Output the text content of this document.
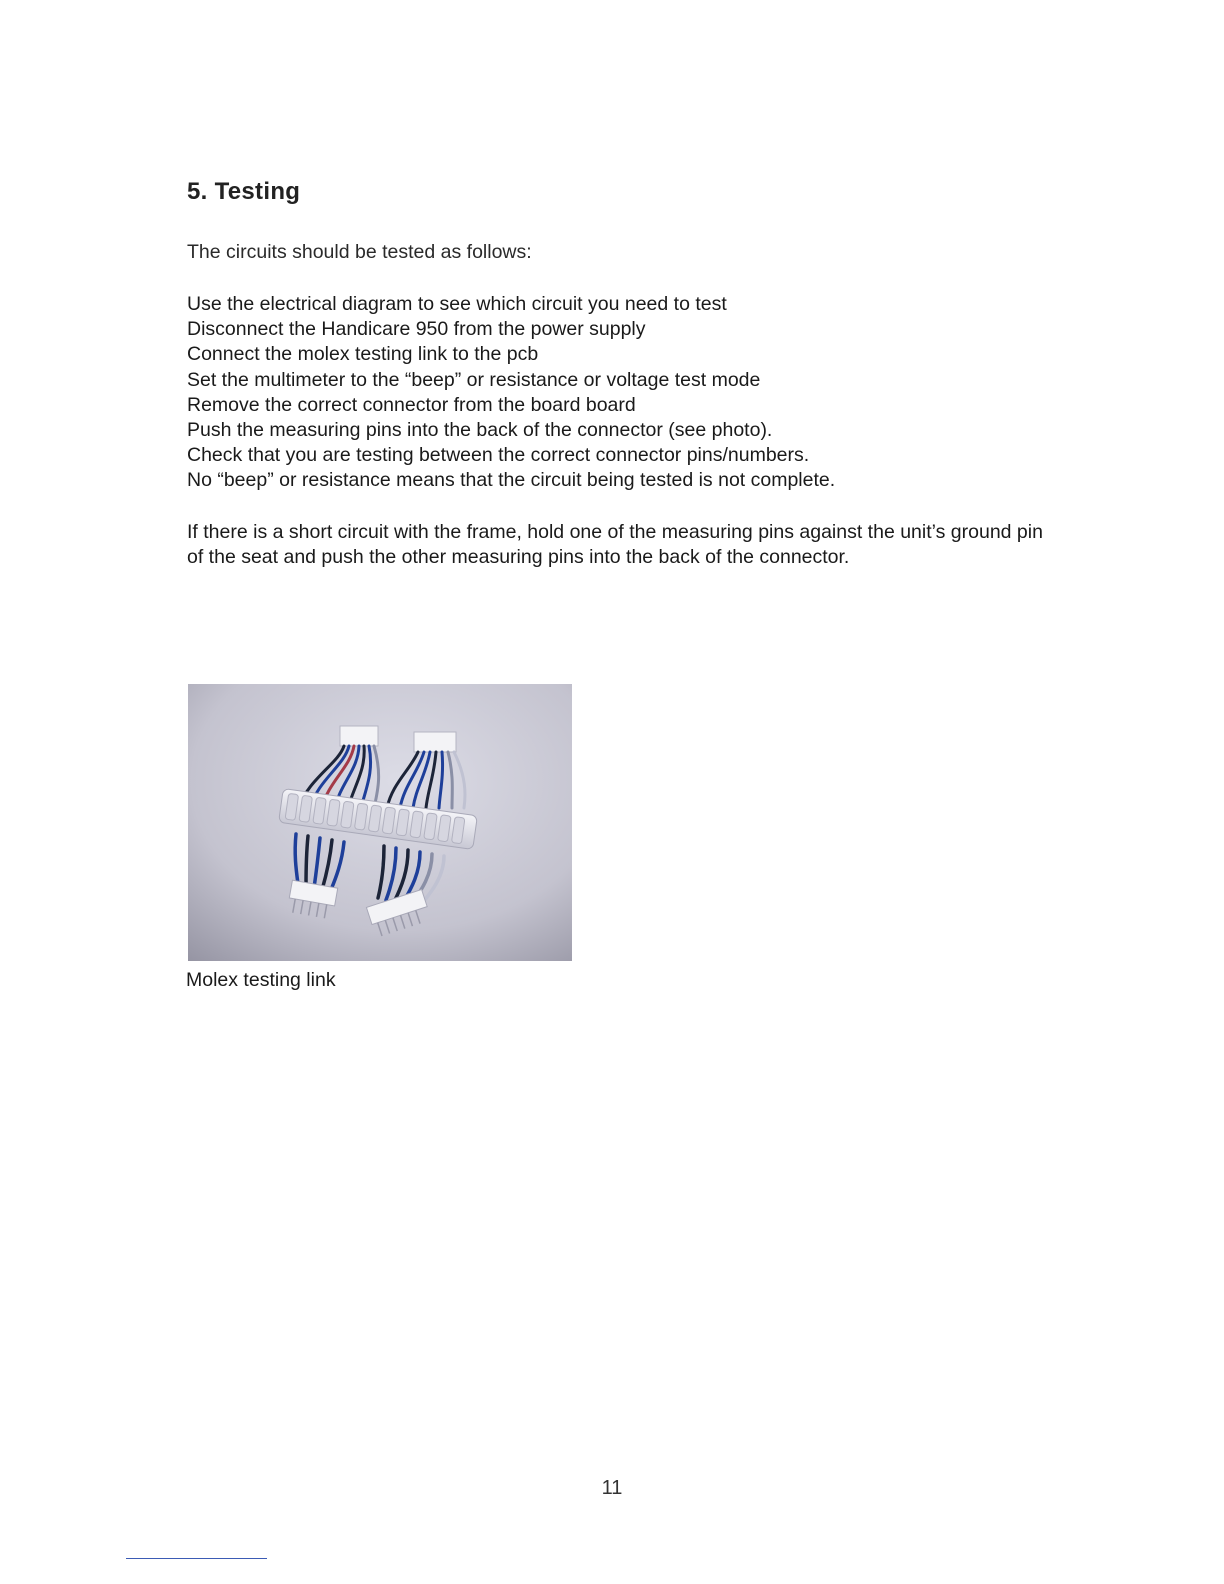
5. Testing
The circuits should be tested as follows:
Use the electrical diagram to see which circuit you need to test
Disconnect the Handicare 950 from the power supply
Connect the molex testing link to the pcb
Set the multimeter to the “beep” or resistance or voltage test mode
Remove the correct connector from the board board
Push the measuring pins into the back of the connector (see photo).
Check that you are testing between the correct connector pins/numbers.
No “beep” or resistance means that the circuit being tested is not complete.
If there is a short circuit with the frame, hold one of the measuring pins against the unit’s ground pin of the seat and push the other measuring pins into the back of the connector.
Molex testing link
11
